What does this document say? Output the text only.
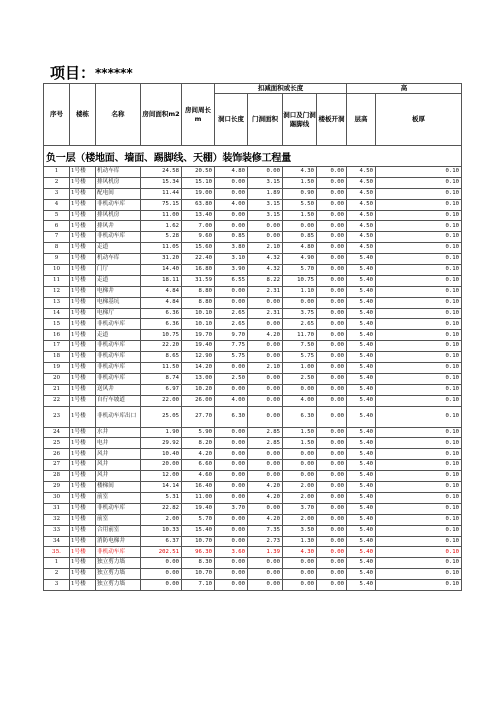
项目：******
序号	楼栋	名称	房间面积m2	房间周长m	扣减面积或长度				高	
					洞口长度	门洞面积	洞口及门洞踢脚线	楼板开洞	层高	板厚
负一层（楼地面、墙面、踢脚线、天棚）装饰装修工程量										
1	1号楼	机动车库	24.58	20.50	4.80	0.00	4.30	0.00	4.50	0.10
2	1号楼	排风机房	15.34	15.10	0.00	3.15	1.50	0.00	4.50	0.10
3	1号楼	配电间	11.44	19.00	0.00	1.89	0.90	0.00	4.50	0.10
4	1号楼	非机动车库	75.15	63.80	4.00	3.15	5.50	0.00	4.50	0.10
5	1号楼	排风机房	11.00	13.40	0.00	3.15	1.50	0.00	4.50	0.10
6	1号楼	排风井	1.62	7.00	0.00	0.00	0.00	0.00	4.50	0.10
7	1号楼	非机动车库	5.28	9.60	0.85	0.00	0.85	0.00	4.50	0.10
8	1号楼	走道	11.05	15.60	3.80	2.10	4.80	0.00	4.50	0.10
9	1号楼	机动车库	31.20	22.40	3.10	4.32	4.90	0.00	5.40	0.10
10	1号楼	门厅	14.40	16.80	3.90	4.32	5.70	0.00	5.40	0.10
11	1号楼	走道	18.11	31.59	6.55	8.22	10.75	0.00	5.40	0.10
12	1号楼	电梯井	4.84	8.80	0.00	2.31	1.10	0.00	5.40	0.10
13	1号楼	电梯基坑	4.84	8.80	0.00	0.00	0.00	0.00	5.40	0.10
14	1号楼	电梯厅	6.36	10.10	2.65	2.31	3.75	0.00	5.40	0.10
15	1号楼	非机动车库	6.36	10.10	2.65	0.00	2.65	0.00	5.40	0.10
16	1号楼	走道	10.75	19.70	9.70	4.20	11.70	0.00	5.40	0.10
17	1号楼	非机动车库	22.20	19.40	7.75	0.00	7.50	0.00	5.40	0.10
18	1号楼	非机动车库	8.65	12.90	5.75	0.00	5.75	0.00	5.40	0.10
19	1号楼	非机动车库	11.50	14.20	0.00	2.10	1.00	0.00	5.40	0.10
20	1号楼	非机动车库	8.74	13.00	2.50	0.00	2.50	0.00	5.40	0.10
21	1号楼	送风井	6.97	10.20	0.00	0.00	0.00	0.00	5.40	0.10
22	1号楼	自行车坡道	22.00	26.00	4.00	0.00	4.00	0.00	5.40	0.10
23	1号楼	非机动车库出口	25.05	27.70	6.30	0.00	6.30	0.00	5.40	0.10
24	1号楼	水井	1.90	5.90	0.00	2.85	1.50	0.00	5.40	0.10
25	1号楼	电井	29.92	8.20	0.00	2.85	1.50	0.00	5.40	0.10
26	1号楼	风井	10.40	4.20	0.00	0.00	0.00	0.00	5.40	0.10
27	1号楼	风井	20.00	6.60	0.00	0.00	0.00	0.00	5.40	0.10
28	1号楼	风井	12.00	4.60	0.00	0.00	0.00	0.00	5.40	0.10
29	1号楼	楼梯间	14.14	16.40	0.00	4.20	2.00	0.00	5.40	0.10
30	1号楼	前室	5.31	11.00	0.00	4.20	2.00	0.00	5.40	0.10
31	1号楼	非机动车库	22.82	19.40	3.70	0.00	3.70	0.00	5.40	0.10
32	1号楼	前室	2.00	5.70	0.00	4.20	2.00	0.00	5.40	0.10
33	1号楼	合用前室	10.33	15.40	0.00	7.35	3.50	0.00	5.40	0.10
34	1号楼	消防电梯井	6.37	10.70	0.00	2.73	1.30	0.00	5.40	0.10
35.	1号楼	非机动车库	202.51	96.30	3.60	1.39	4.30	0.00	5.40	0.10
1	1号楼	独立剪力墙	0.00	8.30	0.00	0.00	0.00	0.00	5.40	0.10
2	1号楼	独立剪力墙	0.00	10.70	0.00	0.00	0.00	0.00	5.40	0.10
3	1号楼	独立剪力墙	0.00	7.10	0.00	0.00	0.00	0.00	5.40	0.10
